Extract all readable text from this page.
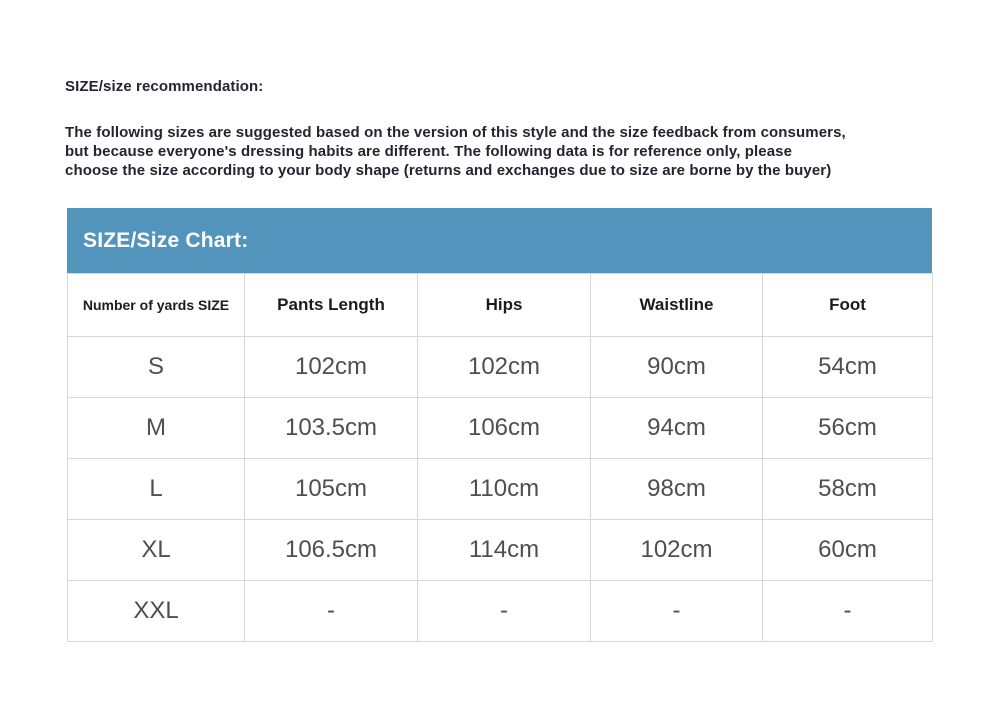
SIZE/size recommendation:
The following sizes are suggested based on the version of this style and the size feedback from consumers,
but because everyone's dressing habits are different. The following data is for reference only, please
choose the size according to your body shape (returns and exchanges due to size are borne by the buyer)
SIZE/Size Chart:
Number of yards SIZE	Pants Length	Hips	Waistline	Foot
S	102cm	102cm	90cm	54cm
M	103.5cm	106cm	94cm	56cm
L	105cm	110cm	98cm	58cm
XL	106.5cm	114cm	102cm	60cm
XXL	-	-	-	-
